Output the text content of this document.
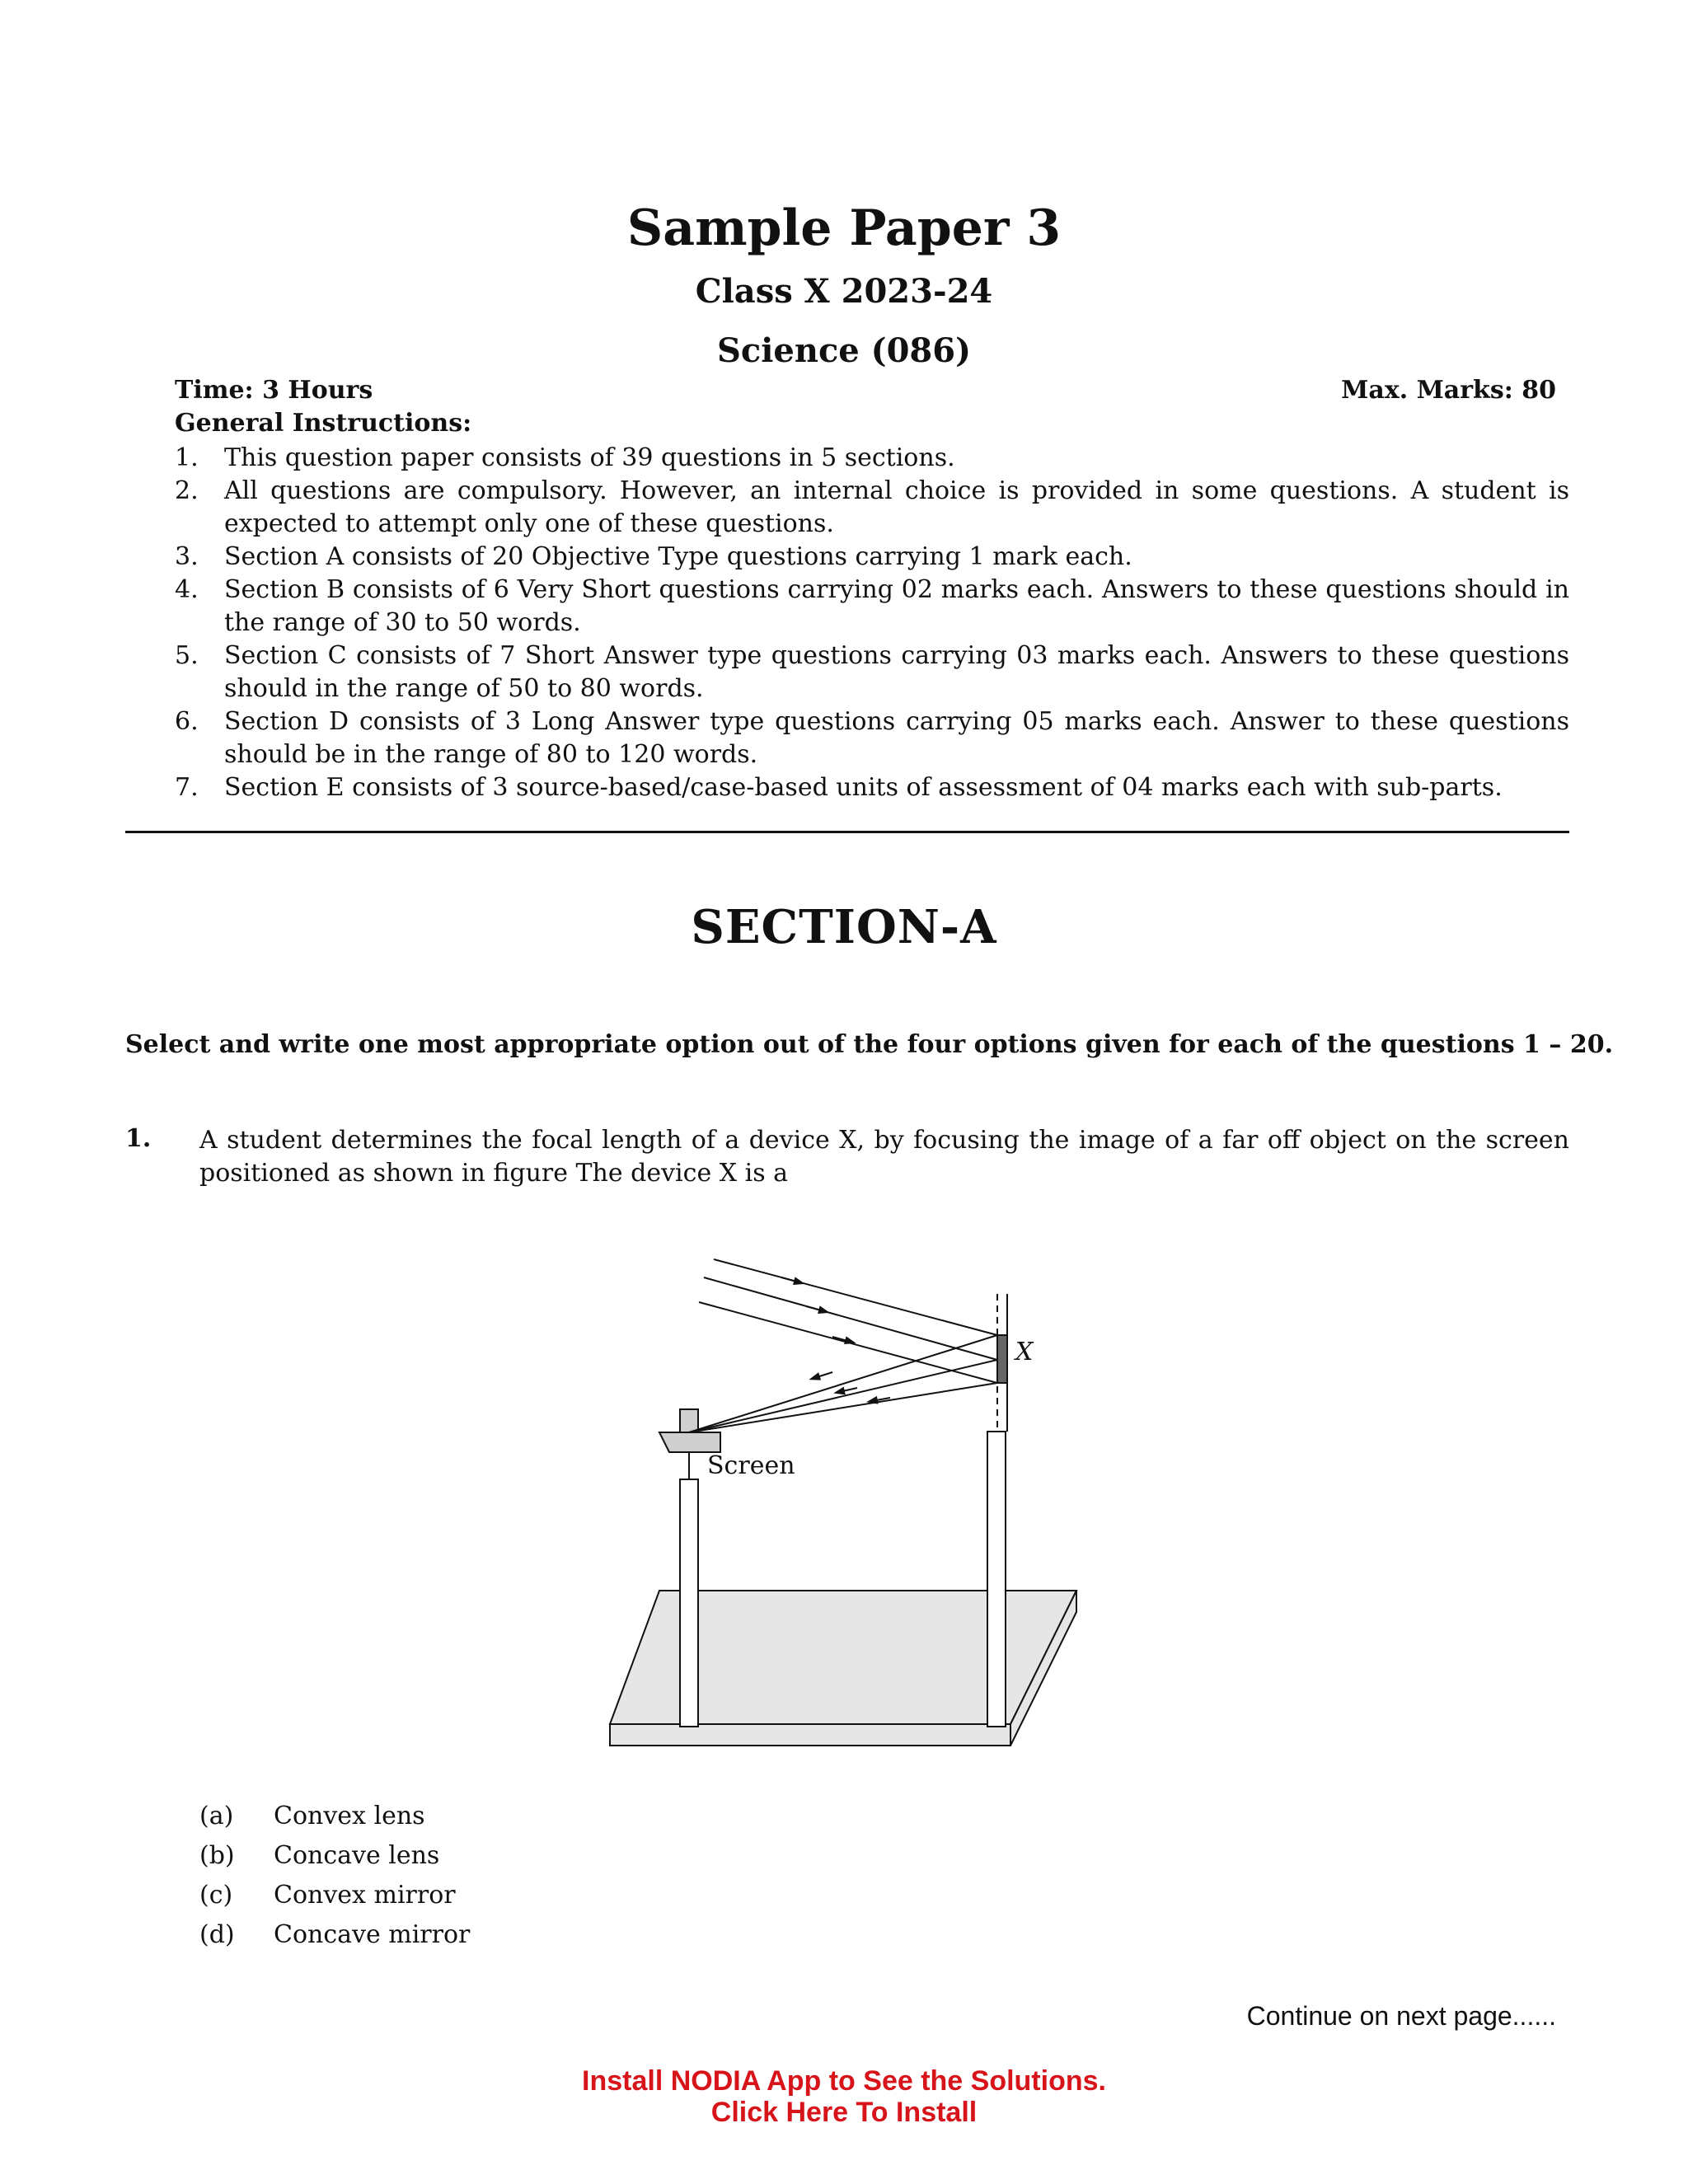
Sample Paper 3
Class X 2023-24
Science (086)
Time: 3 Hours	Max. Marks: 80
General Instructions:
1. This question paper consists of 39 questions in 5 sections.
2. All questions are compulsory. However, an internal choice is provided in some questions. A student is expected to attempt only one of these questions.
3. Section A consists of 20 Objective Type questions carrying 1 mark each.
4. Section B consists of 6 Very Short questions carrying 02 marks each. Answers to these questions should in the range of 30 to 50 words.
5. Section C consists of 7 Short Answer type questions carrying 03 marks each. Answers to these questions should in the range of 50 to 80 words.
6. Section D consists of 3 Long Answer type questions carrying 05 marks each. Answer to these questions should be in the range of 80 to 120 words.
7. Section E consists of 3 source-based/case-based units of assessment of 04 marks each with sub-parts.
SECTION-A
Select and write one most appropriate option out of the four options given for each of the questions 1 – 20.
1. A student determines the focal length of a device X, by focusing the image of a far off object on the screen positioned as shown in figure The device X is a
X
Screen
(a) Convex lens
(b) Concave lens
(c) Convex mirror
(d) Concave mirror
Continue on next page......
Install NODIA App to See the Solutions.
Click Here To Install
